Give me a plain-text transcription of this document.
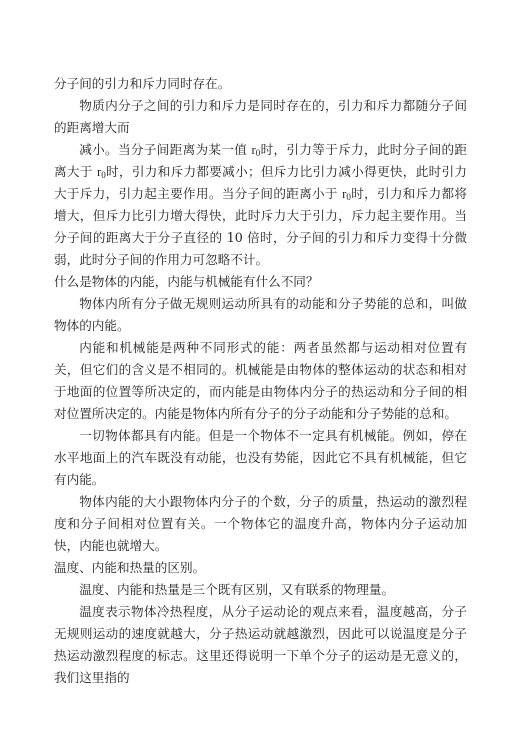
分子间的引力和斥力同时存在。

物质内分子之间的引力和斥力是同时存在的，引力和斥力都随分子间的距离增大而

减小。当分子间距离为某一值 $r_0$时，引力等于斥力，此时分子间的距离大于 $r_0$时，引力和斥力都要减小；但斥力比引力减小得更快，此时引力大于斥力，引力起主要作用。当分子间的距离小于 $r_0$时，引力和斥力都将增大，但斥力比引力增大得快，此时斥力大于引力，斥力起主要作用。当分子间的距离大于分子直径的 10 倍时，分子间的引力和斥力变得十分微弱，此时分子间的作用力可忽略不计。

什么是物体的内能，内能与机械能有什么不同？

物体内所有分子做无规则运动所具有的动能和分子势能的总和，叫做物体的内能。

内能和机械能是两种不同形式的能：两者虽然都与运动相对位置有关，但它们的含义是不相同的。机械能是由物体的整体运动的状态和相对于地面的位置等所决定的，而内能是由物体内分子的热运动和分子间的相对位置所决定的。内能是物体内所有分子的分子动能和分子势能的总和。

一切物体都具有内能。但是一个物体不一定具有机械能。例如，停在水平地面上的汽车既没有动能，也没有势能，因此它不具有机械能，但它有内能。

物体内能的大小跟物体内分子的个数，分子的质量，热运动的激烈程度和分子间相对位置有关。一个物体它的温度升高，物体内分子运动加快，内能也就增大。

温度、内能和热量的区别。

温度、内能和热量是三个既有区别，又有联系的物理量。

温度表示物体冷热程度，从分子运动论的观点来看，温度越高，分子无规则运动的速度就越大，分子热运动就越激烈，因此可以说温度是分子热运动激烈程度的标志。这里还得说明一下单个分子的运动是无意义的，我们这里指的
